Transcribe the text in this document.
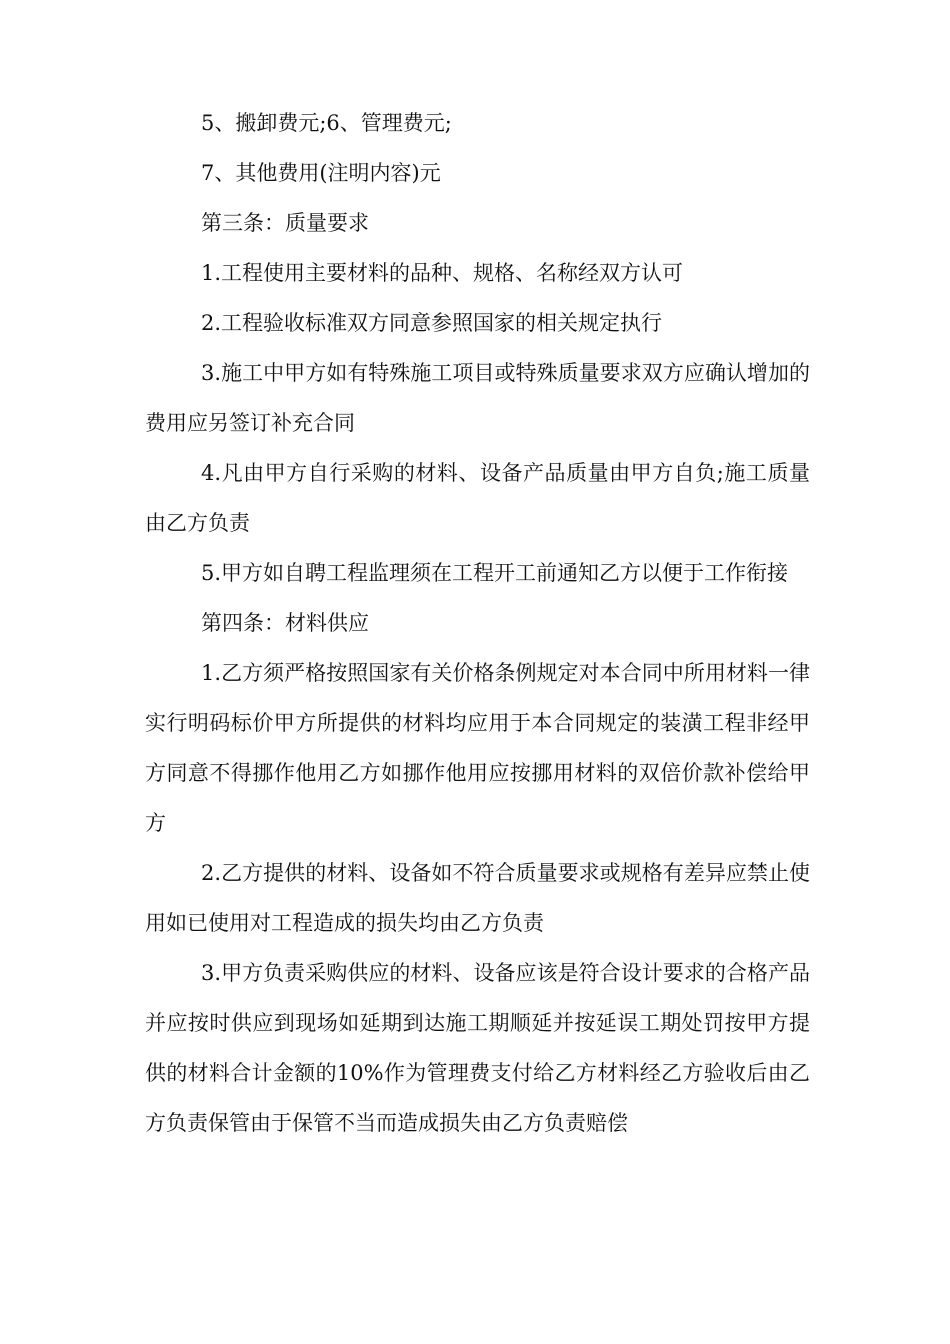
5、搬卸费元;6、管理费元;

7、其他费用(注明内容)元

第三条：质量要求

1.工程使用主要材料的品种、规格、名称经双方认可

2.工程验收标准双方同意参照国家的相关规定执行

3.施工中甲方如有特殊施工项目或特殊质量要求双方应确认增加的费用应另签订补充合同

4.凡由甲方自行采购的材料、设备产品质量由甲方自负;施工质量由乙方负责

5.甲方如自聘工程监理须在工程开工前通知乙方以便于工作衔接

第四条：材料供应

1.乙方须严格按照国家有关价格条例规定对本合同中所用材料一律实行明码标价甲方所提供的材料均应用于本合同规定的装潢工程非经甲方同意不得挪作他用乙方如挪作他用应按挪用材料的双倍价款补偿给甲方

2.乙方提供的材料、设备如不符合质量要求或规格有差异应禁止使用如已使用对工程造成的损失均由乙方负责

3.甲方负责采购供应的材料、设备应该是符合设计要求的合格产品并应按时供应到现场如延期到达施工期顺延并按延误工期处罚按甲方提供的材料合计金额的10%作为管理费支付给乙方材料经乙方验收后由乙方负责保管由于保管不当而造成损失由乙方负责赔偿
